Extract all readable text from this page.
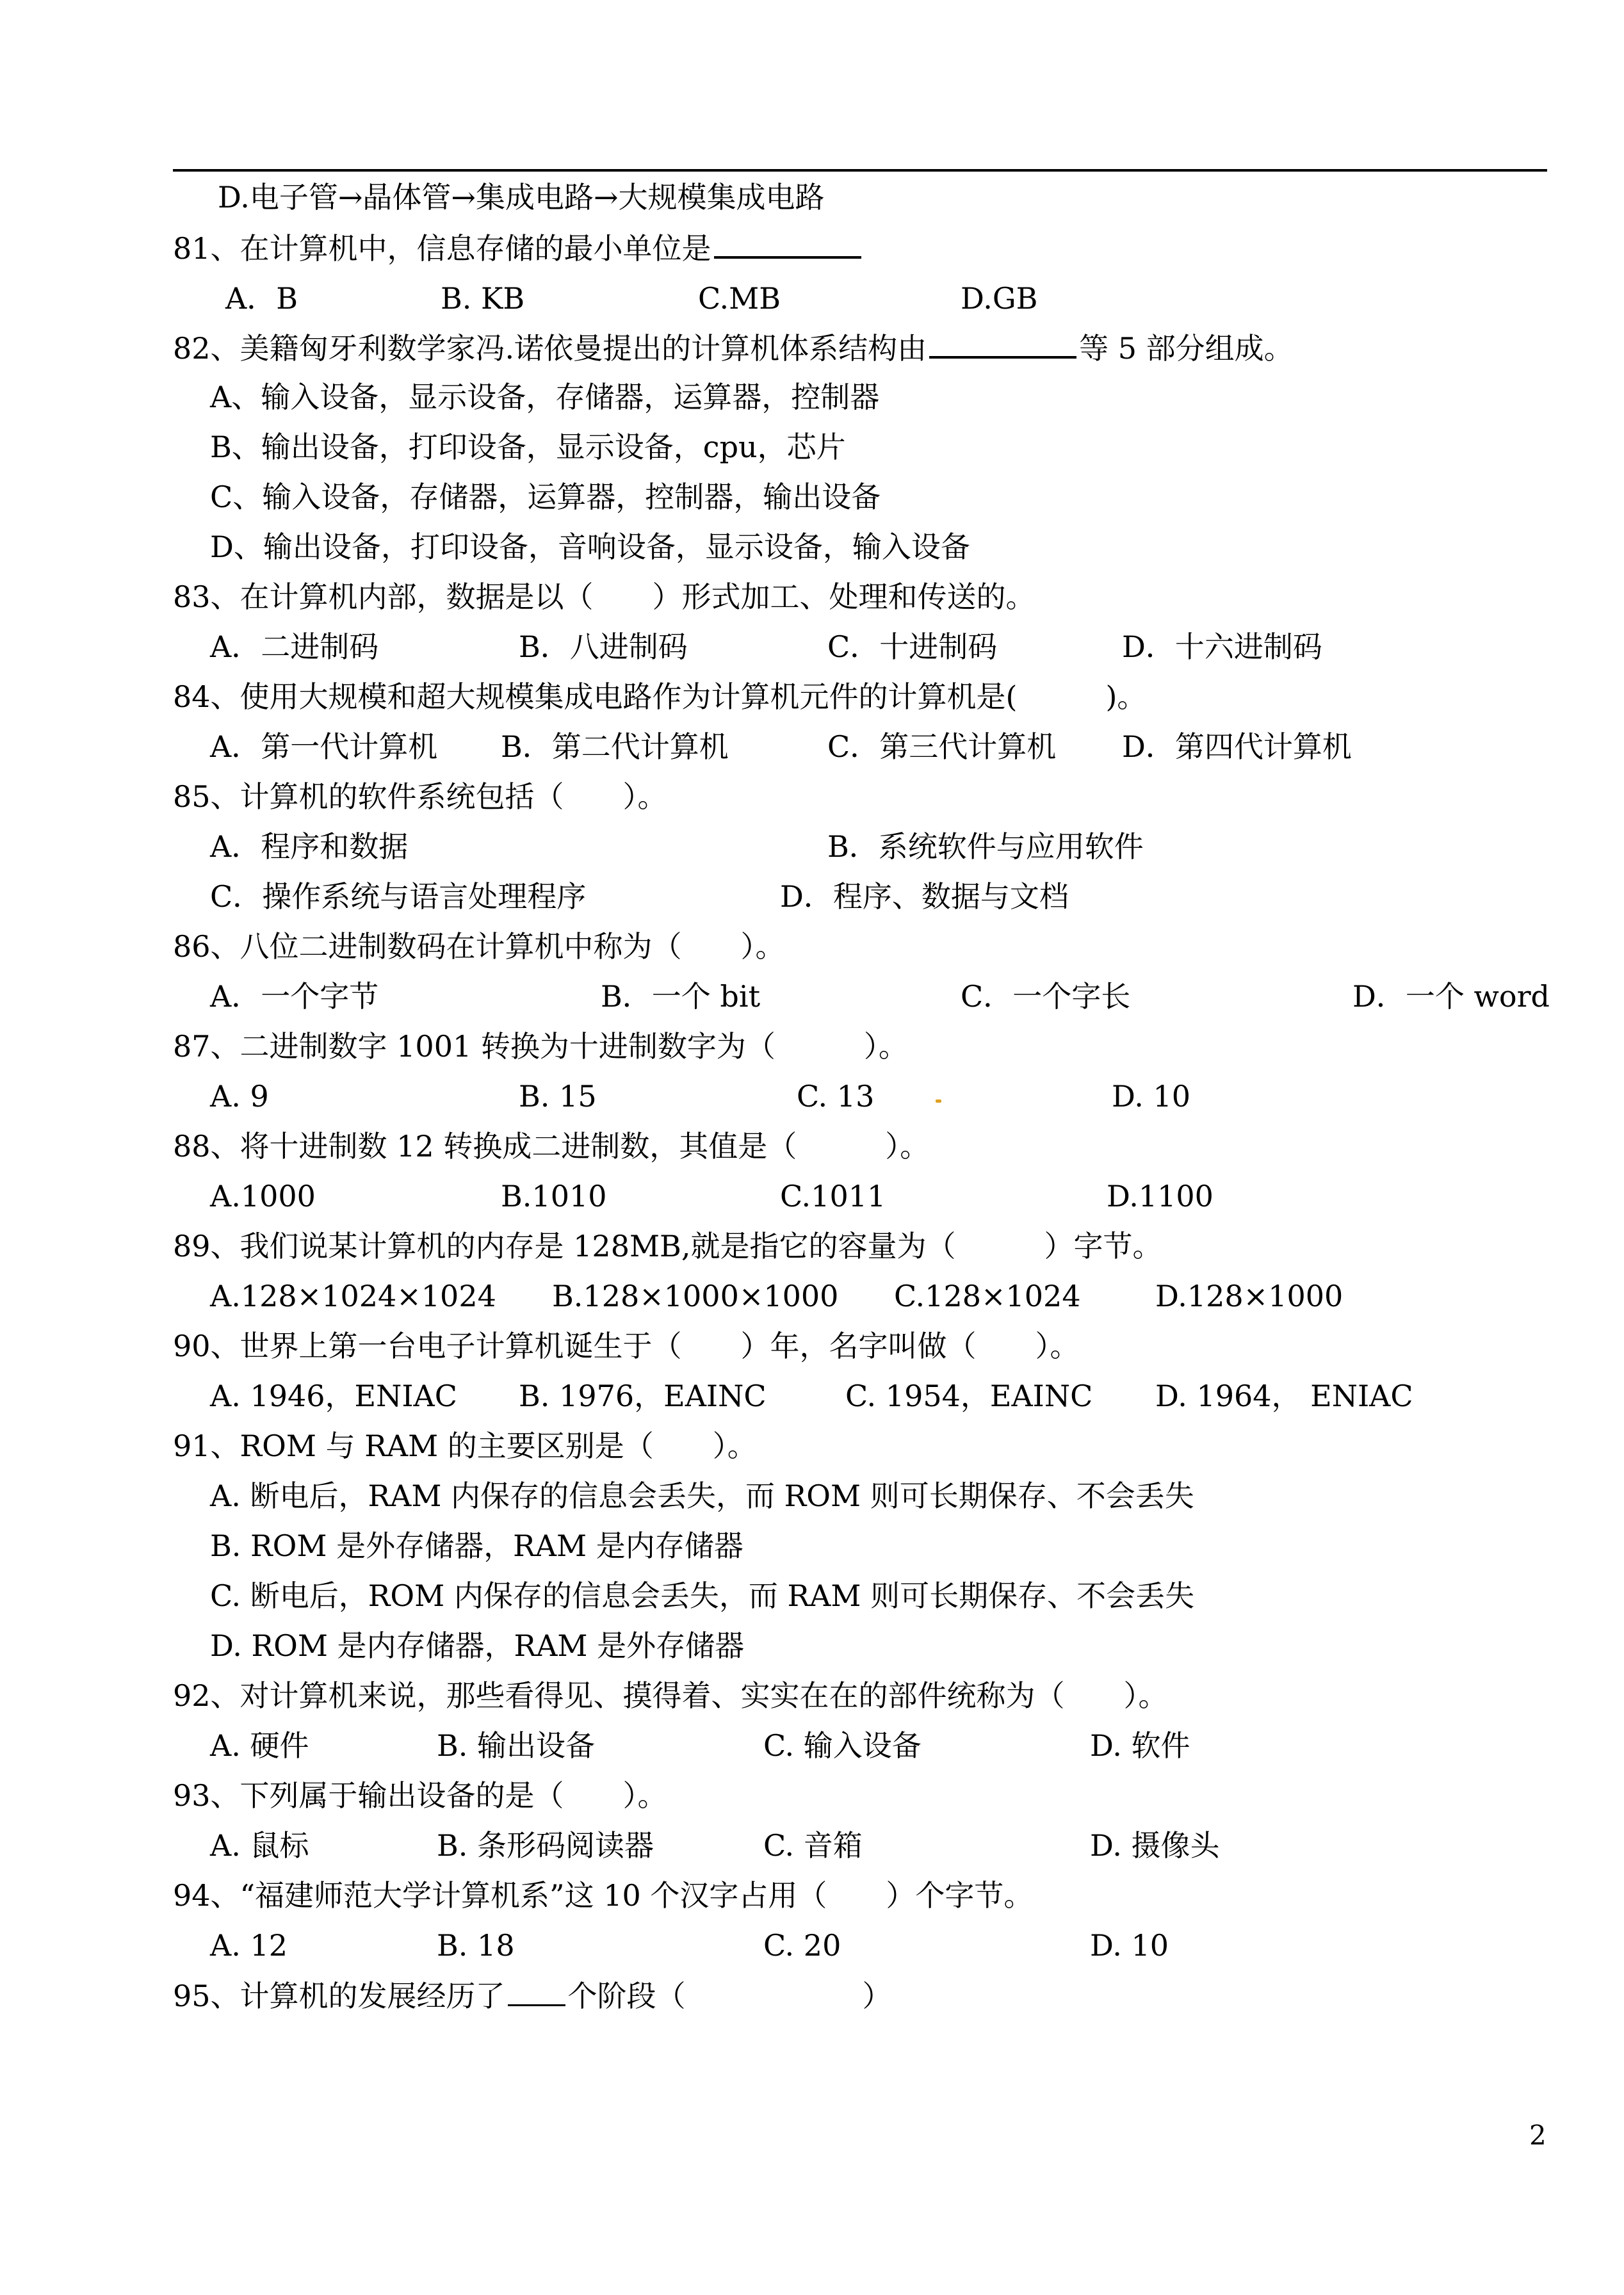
D.电子管→晶体管→集成电路→大规模集成电路
81、在计算机中，信息存储的最小单位是
A．B	B. KB	C.MB	D.GB
82、美籍匈牙利数学家冯.诺依曼提出的计算机体系结构由	等 5 部分组成。
A、输入设备，显示设备，存储器，运算器，控制器
B、输出设备，打印设备，显示设备，cpu，芯片
C、输入设备，存储器，运算器，控制器，输出设备
D、输出设备，打印设备，音响设备，显示设备，输入设备
83、在计算机内部，数据是以（　　）形式加工、处理和传送的。
A．二进制码	B．八进制码	C．十进制码	D．十六进制码
84、使用大规模和超大规模集成电路作为计算机元件的计算机是(　　　)。
A．第一代计算机 B．第二代计算机	C．第三代计算机 D．第四代计算机
85、计算机的软件系统包括（　　）。
A．程序和数据	B．系统软件与应用软件
C．操作系统与语言处理程序	D．程序、数据与文档
86、八位二进制数码在计算机中称为（　　）。
A．一个字节	B．一个 bit	C．一个字长	D．一个 word
87、二进制数字 1001 转换为十进制数字为（　　　）。
A. 9	B. 15	C. 13	D. 10
88、将十进制数 12 转换成二进制数，其值是（　　　）。
A.1000	B.1010	C.1011	D.1100
89、我们说某计算机的内存是 128MB,就是指它的容量为（　　　）字节。
A.128×1024×1024 B.128×1000×1000 C.128×1024	D.128×1000
90、世界上第一台电子计算机诞生于（　　）年，名字叫做（　　）。
A. 1946，ENIAC B. 1976，EAINC	C. 1954，EAINC D. 1964， ENIAC
91、ROM 与 RAM 的主要区别是（　　）。
A. 断电后，RAM 内保存的信息会丢失，而 ROM 则可长期保存、不会丢失
B. ROM 是外存储器，RAM 是内存储器
C. 断电后，ROM 内保存的信息会丢失，而 RAM 则可长期保存、不会丢失
D. ROM 是内存储器，RAM 是外存储器
92、对计算机来说，那些看得见、摸得着、实实在在的部件统称为（　　）。
A. 硬件	B. 输出设备	C. 输入设备	D. 软件
93、下列属于输出设备的是（　　）。
A. 鼠标	B. 条形码阅读器	C. 音箱	D. 摄像头
94、“福建师范大学计算机系”这 10 个汉字占用（　　）个字节。
A. 12	B. 18	C. 20	D. 10
95、计算机的发展经历了 个阶段（　　　　　　）
2
